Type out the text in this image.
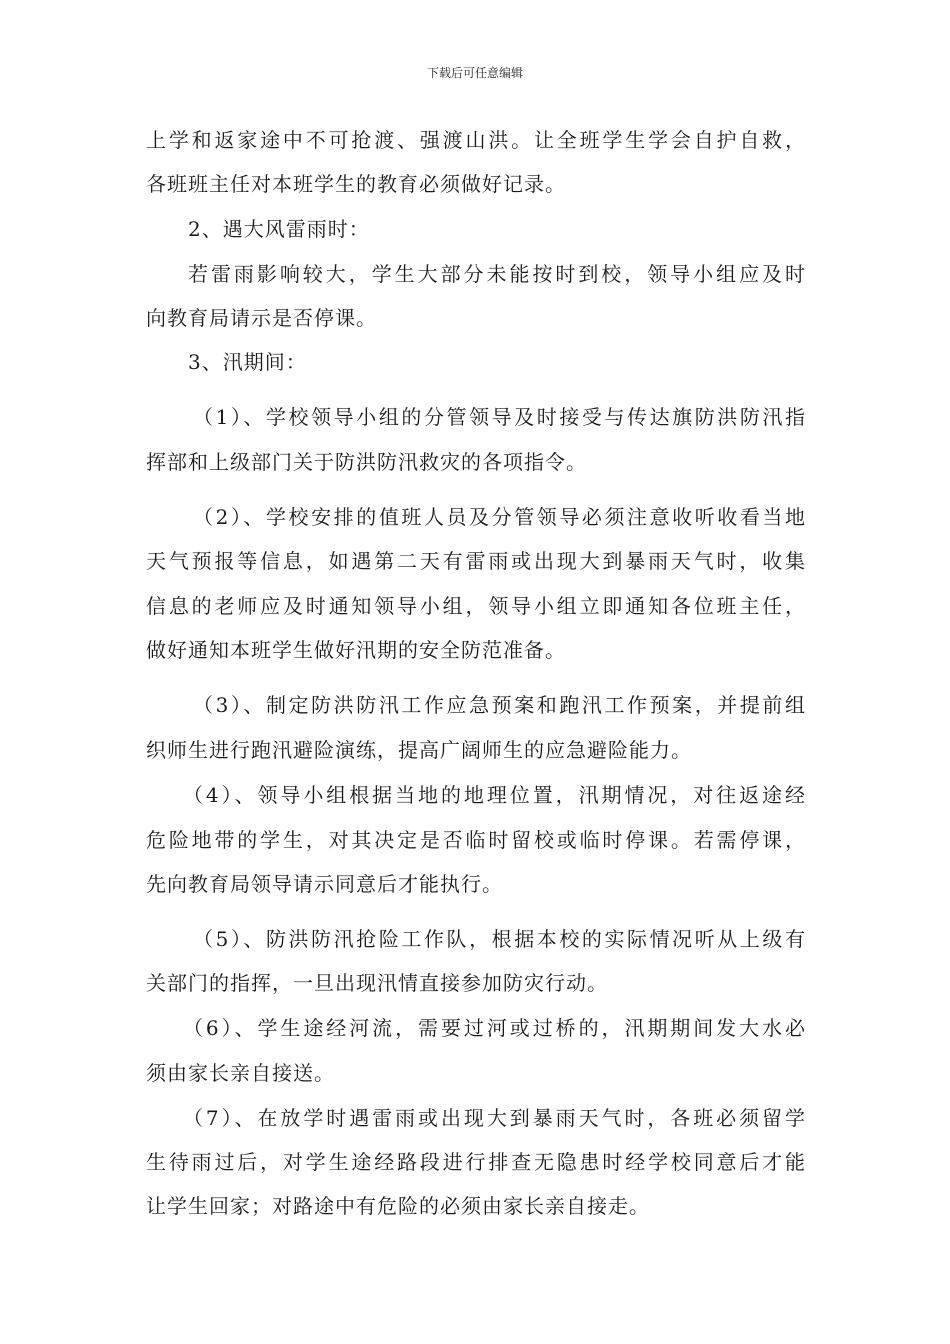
下载后可任意编辑
上学和返家途中不可抢渡、强渡山洪。让全班学生学会自护自救，
各班班主任对本班学生的教育必须做好记录。
2、遇大风雷雨时：
若雷雨影响较大，学生大部分未能按时到校，领导小组应及时
向教育局请示是否停课。
3、汛期间：
（1）、学校领导小组的分管领导及时接受与传达旗防洪防汛指
挥部和上级部门关于防洪防汛救灾的各项指令。
（2）、学校安排的值班人员及分管领导必须注意收听收看当地
天气预报等信息，如遇第二天有雷雨或出现大到暴雨天气时，收集
信息的老师应及时通知领导小组，领导小组立即通知各位班主任，
做好通知本班学生做好汛期的安全防范准备。
（3）、制定防洪防汛工作应急预案和跑汛工作预案，并提前组
织师生进行跑汛避险演练，提高广阔师生的应急避险能力。
（4）、领导小组根据当地的地理位置，汛期情况，对往返途经
危险地带的学生，对其决定是否临时留校或临时停课。若需停课，
先向教育局领导请示同意后才能执行。
（5）、防洪防汛抢险工作队，根据本校的实际情况听从上级有
关部门的指挥，一旦出现汛情直接参加防灾行动。
（6）、学生途经河流，需要过河或过桥的，汛期期间发大水必
须由家长亲自接送。
（7）、在放学时遇雷雨或出现大到暴雨天气时，各班必须留学
生待雨过后，对学生途经路段进行排查无隐患时经学校同意后才能
让学生回家；对路途中有危险的必须由家长亲自接走。
